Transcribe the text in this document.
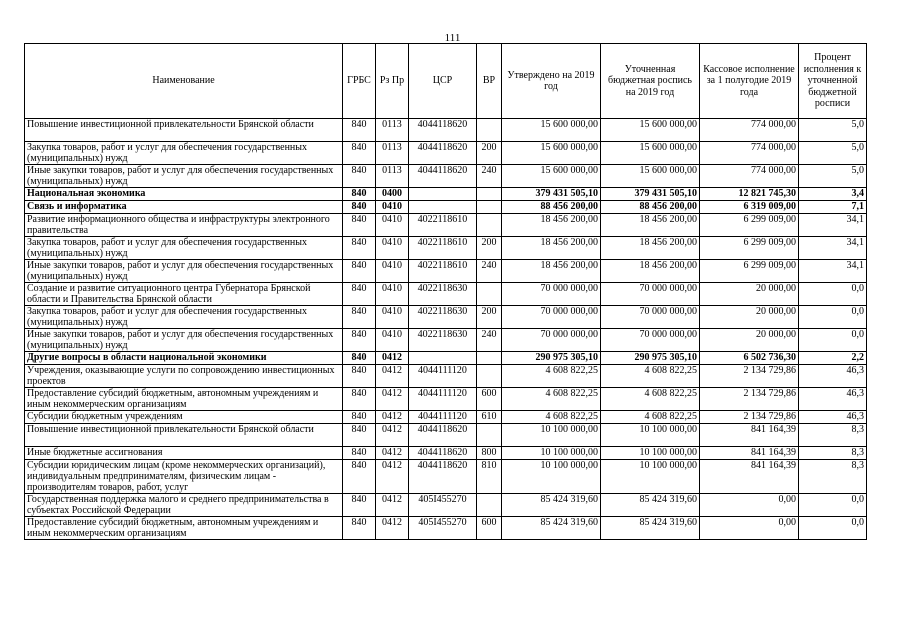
111
Наименование	ГРБС	Рз Пр	ЦСР	ВР	Утверждено на 2019 год	Уточненная бюджетная роспись на 2019 год	Кассовое исполнение за 1 полугодие 2019 года	Процент исполнения к уточненной бюджетной росписи
Повышение инвестиционной привлекательности Брянской области	840	0113	4044118620		15 600 000,00	15 600 000,00	774 000,00	5,0
Закупка товаров, работ и услуг для обеспечения государственных (муниципальных) нужд	840	0113	4044118620	200	15 600 000,00	15 600 000,00	774 000,00	5,0
Иные закупки товаров, работ и услуг для обеспечения государственных (муниципальных) нужд	840	0113	4044118620	240	15 600 000,00	15 600 000,00	774 000,00	5,0
Национальная экономика	840	0400			379 431 505,10	379 431 505,10	12 821 745,30	3,4
Связь и информатика	840	0410			88 456 200,00	88 456 200,00	6 319 009,00	7,1
Развитие информационного общества и инфраструктуры электронного правительства	840	0410	4022118610		18 456 200,00	18 456 200,00	6 299 009,00	34,1
Закупка товаров, работ и услуг для обеспечения государственных (муниципальных) нужд	840	0410	4022118610	200	18 456 200,00	18 456 200,00	6 299 009,00	34,1
Иные закупки товаров, работ и услуг для обеспечения государственных (муниципальных) нужд	840	0410	4022118610	240	18 456 200,00	18 456 200,00	6 299 009,00	34,1
Создание и развитие ситуационного центра Губернатора Брянской области и Правительства Брянской области	840	0410	4022118630		70 000 000,00	70 000 000,00	20 000,00	0,0
Закупка товаров, работ и услуг для обеспечения государственных (муниципальных) нужд	840	0410	4022118630	200	70 000 000,00	70 000 000,00	20 000,00	0,0
Иные закупки товаров, работ и услуг для обеспечения государственных (муниципальных) нужд	840	0410	4022118630	240	70 000 000,00	70 000 000,00	20 000,00	0,0
Другие вопросы в области национальной экономики	840	0412			290 975 305,10	290 975 305,10	6 502 736,30	2,2
Учреждения, оказывающие услуги по сопровождению инвестиционных проектов	840	0412	4044111120		4 608 822,25	4 608 822,25	2 134 729,86	46,3
Предоставление субсидий бюджетным, автономным учреждениям и иным некоммерческим организациям	840	0412	4044111120	600	4 608 822,25	4 608 822,25	2 134 729,86	46,3
Субсидии бюджетным учреждениям	840	0412	4044111120	610	4 608 822,25	4 608 822,25	2 134 729,86	46,3
Повышение инвестиционной привлекательности Брянской области	840	0412	4044118620		10 100 000,00	10 100 000,00	841 164,39	8,3
Иные бюджетные ассигнования	840	0412	4044118620	800	10 100 000,00	10 100 000,00	841 164,39	8,3
Субсидии юридическим лицам (кроме некоммерческих организаций), индивидуальным предпринимателям, физическим лицам - производителям товаров, работ, услуг	840	0412	4044118620	810	10 100 000,00	10 100 000,00	841 164,39	8,3
Государственная поддержка малого и среднего предпринимательства в субъектах Российской Федерации	840	0412	405I455270		85 424 319,60	85 424 319,60	0,00	0,0
Предоставление субсидий бюджетным, автономным учреждениям и иным некоммерческим организациям	840	0412	405I455270	600	85 424 319,60	85 424 319,60	0,00	0,0
